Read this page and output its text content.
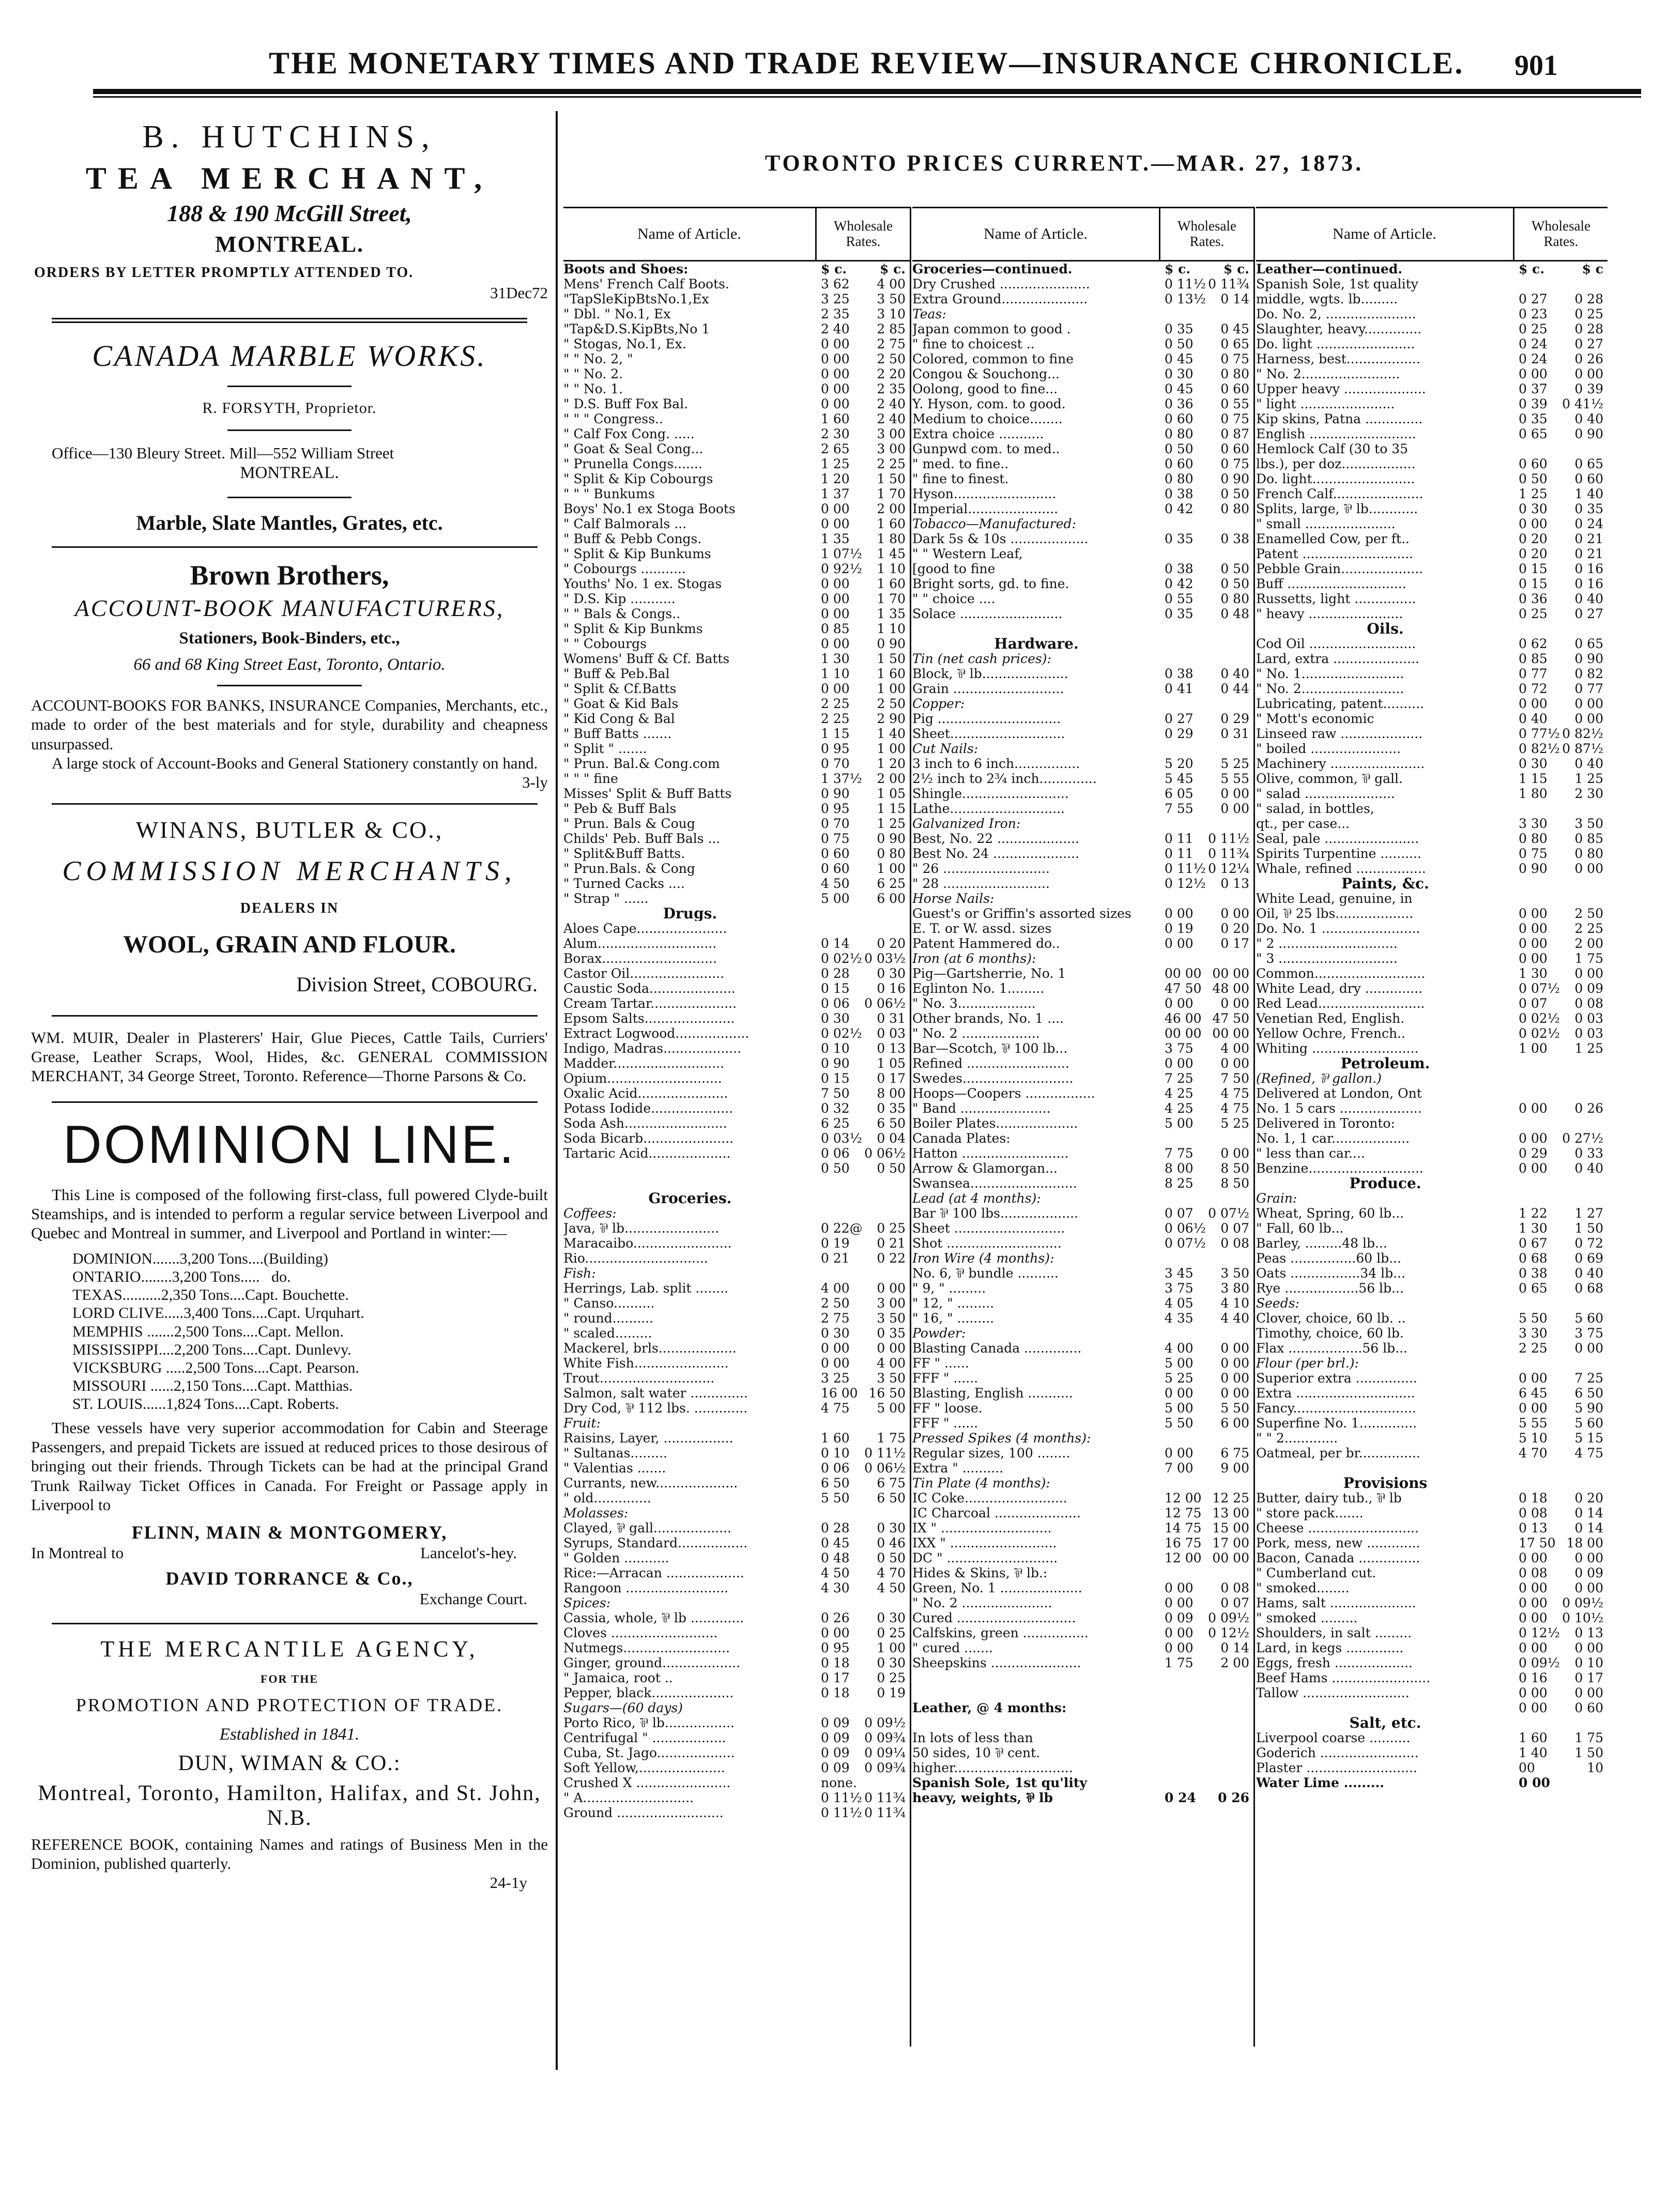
THE MONETARY TIMES AND TRADE REVIEW—INSURANCE CHRONICLE. 901

B. HUTCHINS,

TEA MERCHANT,

188 & 190 McGill Street,

MONTREAL.

ORDERS BY LETTER PROMPTLY ATTENDED TO.

31Dec72

CANADA MARBLE WORKS.

R. FORSYTH, Proprietor.

Office—130 Bleury Street. Mill—552 William Street

MONTREAL.

Marble, Slate Mantles, Grates, etc.

Brown Brothers,

ACCOUNT-BOOK MANUFACTURERS,

Stationers, Book-Binders, etc.,

66 and 68 King Street East, Toronto, Ontario.

ACCOUNT-BOOKS FOR BANKS, INSURANCE Companies, Merchants, etc., made to order of the best materials and for style, durability and cheapness unsurpassed.

A large stock of Account-Books and General Stationery constantly on hand.

3-ly

WINANS, BUTLER & CO.,

COMMISSION MERCHANTS,

DEALERS IN

WOOL, GRAIN AND FLOUR.

Division Street, COBOURG.

WM. MUIR, Dealer in Plasterers' Hair, Glue Pieces, Cattle Tails, Curriers' Grease, Leather Scraps, Wool, Hides, &c. GENERAL COMMISSION MERCHANT, 34 George Street, Toronto. Reference—Thorne Parsons & Co.

DOMINION LINE.

This Line is composed of the following first-class, full powered Clyde-built Steamships, and is intended to perform a regular service between Liverpool and Quebec and Montreal in summer, and Liverpool and Portland in winter:—

DOMINION.......3,200 Tons....(Building)
ONTARIO........3,200 Tons.....   do.
TEXAS..........2,350 Tons....Capt. Bouchette.
LORD CLIVE.....3,400 Tons....Capt. Urquhart.
MEMPHIS .......2,500 Tons....Capt. Mellon.
MISSISSIPPI....2,200 Tons....Capt. Dunlevy.
VICKSBURG .....2,500 Tons....Capt. Pearson.
MISSOURI ......2,150 Tons....Capt. Matthias.
ST. LOUIS......1,824 Tons....Capt. Roberts.

These vessels have very superior accommodation for Cabin and Steerage Passengers, and prepaid Tickets are issued at reduced prices to those desirous of bringing out their friends. Through Tickets can be had at the principal Grand Trunk Railway Ticket Offices in Canada. For Freight or Passage apply in Liverpool to

FLINN, MAIN & MONTGOMERY,

In Montreal to	Lancelot's-hey.

DAVID TORRANCE & Co.,

Exchange Court.

THE MERCANTILE AGENCY,

FOR THE

PROMOTION AND PROTECTION OF TRADE.

Established in 1841.

DUN, WIMAN & CO.:

Montreal, Toronto, Hamilton, Halifax, and St. John, N.B.

REFERENCE BOOK, containing Names and ratings of Business Men in the Dominion, published quarterly.

24-1y

TORONTO PRICES CURRENT.—MAR. 27, 1873.
Name of Article.	Wholesale Rates.
Boots and Shoes:	$ c.	$ c.
Mens' French Calf Boots.	3 62 4 00
"TapSleKipBtsNo.1,Ex	3 25 3 50
" Dbl. " No.1, Ex	2 35 3 10
"Tap&D.S.KipBts,No 1	2 40 2 85
" Stogas, No.1, Ex.	0 00 2 75
" " No. 2, "	0 00 2 50
" " No. 2.	0 00 2 20
" " No. 1.	0 00 2 35
" D.S. Buff Fox Bal.	0 00 2 40
" " " Congress..	1 60 2 40
" Calf Fox Cong. .....	2 30 3 00
" Goat & Seal Cong...	2 65 3 00
" Prunella Congs.......	1 25 2 25
" Split & Kip Cobourgs	1 20 1 50
" " " Bunkums	1 37 1 70
Boys' No.1 ex Stoga Boots	0 00 2 00
" Calf Balmorals ...	0 00 1 60
" Buff & Pebb Congs.	1 35 1 80
" Split & Kip Bunkums	1 07½ 1 45
" Cobourgs ...........	0 92½ 1 10
Youths' No. 1 ex. Stogas	0 00 1 60
" D.S. Kip ...........	0 00 1 70
" " Bals & Congs..	0 00 1 35
" Split & Kip Bunkms	0 85 1 10
" " Cobourgs	0 00 0 90
Womens' Buff & Cf. Batts	1 30 1 50
" Buff & Peb.Bal	1 10 1 60
" Split & Cf.Batts	0 00 1 00
" Goat & Kid Bals	2 25 2 50
" Kid Cong & Bal	2 25 2 90
" Buff Batts .......	1 15 1 40
" Split " .......	0 95 1 00
" Prun. Bal.& Cong.com	0 70 1 20
" " " fine	1 37½ 2 00
Misses' Split & Buff Batts	0 90 1 05
" Peb & Buff Bals	0 95 1 15
" Prun. Bals & Coug	0 70 1 25
Childs' Peb. Buff Bals ...	0 75 0 90
" Split&Buff Batts.	0 60 0 80
" Prun.Bals. & Cong	0 60 1 00
" Turned Cacks ....	4 50 6 25
" Strap " ......	5 00 6 00
Drugs.
Aloes Cape......................
Alum.............................	0 14 0 20
Borax............................	0 02½ 0 03½
Castor Oil.......................	0 28 0 30
Caustic Soda.....................	0 15 0 16
Cream Tartar.....................	0 06 0 06½
Epsom Salts......................	0 30 0 31
Extract Logwood..................	0 02½ 0 03
Indigo, Madras...................	0 10 0 13
Madder...........................	0 90 1 05
Opium............................	0 15 0 17
Oxalic Acid......................	7 50 8 00
Potass Iodide....................	0 32 0 35
Soda Ash.........................	6 25 6 50
Soda Bicarb......................	0 03½ 0 04
Tartaric Acid....................	0 06 0 06½
0 50 0 50
Groceries.
Coffees:
Java, ⅌ lb.......................	0 22@ 0 25
Maracaibo........................	0 19 0 21
Rio..............................	0 21 0 22
Fish:
Herrings, Lab. split ........	4 00 0 00
" Canso..........	2 50 3 00
" round..........	2 75 3 50
" scaled.........	0 30 0 35
Mackerel, brls...................	0 00 0 00
White Fish.......................	0 00 4 00
Trout............................	3 25 3 50
Salmon, salt water ..............	16 00 16 50
Dry Cod, ⅌ 112 lbs. .............	4 75 5 00
Fruit:
Raisins, Layer, .................	1 60 1 75
" Sultanas.........	0 10 0 11½
" Valentias .......	0 06 0 06½
Currants, new....................	6 50 6 75
" old..............	5 50 6 50
Molasses:
Clayed, ⅌ gall...................	0 28 0 30
Syrups, Standard.................	0 45 0 46
" Golden ...........	0 48 0 50
Rice:—Arracan ...................	4 50 4 70
Rangoon .........................	4 30 4 50
Spices:
Cassia, whole, ⅌ lb .............	0 26 0 30
Cloves ..........................	0 00 0 25
Nutmegs..........................	0 95 1 00
Ginger, ground...................	0 18 0 30
" Jamaica, root ..	0 17 0 25
Pepper, black....................	0 18 0 19
Sugars—(60 days)
Porto Rico, ⅌ lb.................	0 09 0 09½
Centrifugal " ..................	0 09 0 09¾
Cuba, St. Jago...................	0 09 0 09¼
Soft Yellow,.....................	0 09 0 09¾
Crushed X .......................	none.
" A...........................	0 11½ 0 11¾
Ground ..........................	0 11½ 0 11¾
Name of Article.	Wholesale Rates.
Groceries—continued.	$ c.	$ c.
Dry Crushed ......................	0 11½ 0 11¾
Extra Ground.....................	0 13½ 0 14
Teas:
Japan common to good .	0 35 0 45
" fine to choicest ..	0 50 0 65
Colored, common to fine	0 45 0 75
Congou & Souchong...	0 30 0 80
Oolong, good to fine...	0 45 0 60
Y. Hyson, com. to good.	0 36 0 55
Medium to choice........	0 60 0 75
Extra choice ...........	0 80 0 87
Gunpwd com. to med..	0 50 0 60
" med. to fine..	0 60 0 75
" fine to finest.	0 80 0 90
Hyson.........................	0 38 0 50
Imperial......................	0 42 0 80
Tobacco—Manufactured:
Dark 5s & 10s ...................	0 35 0 38
" " Western Leaf,
[good to fine	0 38 0 50
Bright sorts, gd. to fine.	0 42 0 50
" " choice ....	0 55 0 80
Solace .........................	0 35 0 48
Hardware.
Tin (net cash prices):
Block, ⅌ lb.....................	0 38 0 40
Grain ...........................	0 41 0 44
Copper:
Pig ..............................	0 27 0 29
Sheet............................	0 29 0 31
Cut Nails:
3 inch to 6 inch................	5 20 5 25
2½ inch to 2¾ inch..............	5 45 5 55
Shingle..........................	6 05 0 00
Lathe............................	7 55 0 00
Galvanized Iron:
Best, No. 22 ....................	0 11 0 11½
Best No. 24 .....................	0 11 0 11¾
" 26 ..........................	0 11½ 0 12¼
" 28 ..........................	0 12½ 0 13
Horse Nails:
Guest's or Griffin's assorted sizes	0 00 0 00
E. T. or W. assd. sizes	0 19 0 20
Patent Hammered do..	0 00 0 17
Iron (at 6 months):
Pig—Gartsherrie, No. 1	00 00 00 00
Eglinton No. 1.........	47 50 48 00
" No. 3...................	0 00 0 00
Other brands, No. 1 ....	46 00 47 50
" No. 2 ...................	00 00 00 00
Bar—Scotch, ⅌ 100 lb...	3 75 4 00
Refined .........................	0 00 0 00
Swedes...........................	7 25 7 50
Hoops—Coopers .................	4 25 4 75
" Band ......................	4 25 4 75
Boiler Plates....................	5 00 5 25
Canada Plates:
Hatton ..........................	7 75 0 00
Arrow & Glamorgan...	8 00 8 50
Swansea..........................	8 25 8 50
Lead (at 4 months):
Bar ⅌ 100 lbs...................	0 07 0 07½
Sheet ...........................	0 06½ 0 07
Shot ............................	0 07½ 0 08
Iron Wire (4 months):
No. 6, ⅌ bundle ..........	3 45 3 50
" 9, " .........	3 75 3 80
" 12, " .........	4 05 4 10
" 16, " .........	4 35 4 40
Powder:
Blasting Canada ..............	4 00 0 00
FF " ......	5 00 0 00
FFF " ......	5 25 0 00
Blasting, English ...........	0 00 0 00
FF " loose.	5 00 5 50
FFF " ......	5 50 6 00
Pressed Spikes (4 months):
Regular sizes, 100 ........	0 00 6 75
Extra " ..........	7 00 9 00
Tin Plate (4 months):
IC Coke.........................	12 00 12 25
IC Charcoal .....................	12 75 13 00
IX " ...........................	14 75 15 00
IXX " ..........................	16 75 17 00
DC " ...........................	12 00 00 00
Hides & Skins, ⅌ lb.:
Green, No. 1 ....................	0 00 0 08
" No. 2 ......................	0 00 0 07
Cured .............................	0 09 0 09½
Calfskins, green ................	0 00 0 12½
" cured .......	0 00 0 14
Sheepskins ......................	1 75 2 00
Leather, @ 4 months:
In lots of less than
50 sides, 10 ⅌ cent.
higher.............................
Spanish Sole, 1st qu'lity
heavy, weights, ⅌ lb	0 24 0 26
Name of Article.	Wholesale Rates.
Leather—continued.	$ c.	$ c
Spanish Sole, 1st quality
middle, wgts. lb.........	0 27 0 28
Do. No. 2, ......................	0 23 0 25
Slaughter, heavy..............	0 25 0 28
Do. light ........................	0 24 0 27
Harness, best..................	0 24 0 26
" No. 2........................	0 00 0 00
Upper heavy ....................	0 37 0 39
" light .......................	0 39 0 41½
Kip skins, Patna ..............	0 35 0 40
English ..........................	0 65 0 90
Hemlock Calf (30 to 35
lbs.), per doz..................	0 60 0 65
Do. light.........................	0 50 0 60
French Calf......................	1 25 1 40
Splits, large, ⅌ lb............	0 30 0 35
" small ......................	0 00 0 24
Enamelled Cow, per ft..	0 20 0 21
Patent ...........................	0 20 0 21
Pebble Grain....................	0 15 0 16
Buff .............................	0 15 0 16
Russetts, light ...............	0 36 0 40
" heavy .......................	0 25 0 27
Oils.
Cod Oil ..........................	0 62 0 65
Lard, extra .....................	0 85 0 90
" No. 1.........................	0 77 0 82
" No. 2.........................	0 72 0 77
Lubricating, patent..........	0 00 0 00
" Mott's economic	0 40 0 00
Linseed raw ....................	0 77½ 0 82½
" boiled ......................	0 82½ 0 87½
Machinery .......................	0 30 0 40
Olive, common, ⅌ gall.	1 15 1 25
" salad ......................	1 80 2 30
" salad, in bottles,
qt., per case...	3 30 3 50
Seal, pale .......................	0 80 0 85
Spirits Turpentine ..........	0 75 0 80
Whale, refined .................	0 90 0 00
Paints, &c.
White Lead, genuine, in
Oil, ⅌ 25 lbs...................	0 00 2 50
Do. No. 1 ........................	0 00 2 25
" 2 .............................	0 00 2 00
" 3 .............................	0 00 1 75
Common...........................	1 30 0 00
White Lead, dry ..............	0 07½ 0 09
Red Lead..........................	0 07 0 08
Venetian Red, English.	0 02½ 0 03
Yellow Ochre, French..	0 02½ 0 03
Whiting ..........................	1 00 1 25
Petroleum.
(Refined, ⅌ gallon.)
Delivered at London, Ont
No. 1 5 cars ....................	0 00 0 26
Delivered in Toronto:
No. 1, 1 car...................	0 00 0 27½
" less than car....	0 29 0 33
Benzine............................	0 00 0 40
Produce.
Grain:
Wheat, Spring, 60 lb...	1 22 1 27
" Fall, 60 lb...	1 30 1 50
Barley, .........48 lb...	0 67 0 72
Peas ................60 lb...	0 68 0 69
Oats .................34 lb...	0 38 0 40
Rye ..................56 lb...	0 65 0 68
Seeds:
Clover, choice, 60 lb. ..	5 50 5 60
Timothy, choice, 60 lb.	3 30 3 75
Flax ..................56 lb...	2 25 0 00
Flour (per brl.):
Superior extra ...............	0 00 7 25
Extra .............................	6 45 6 50
Fancy..............................	0 00 5 90
Superfine No. 1..............	5 55 5 60
" " 2.............	5 10 5 15
Oatmeal, per br...............	4 70 4 75
Provisions
Butter, dairy tub., ⅌ lb	0 18 0 20
" store pack.......	0 08 0 14
Cheese ...........................	0 13 0 14
Pork, mess, new .............	17 50 18 00
Bacon, Canada ...............	0 00 0 00
" Cumberland cut.	0 08 0 09
" smoked........	0 00 0 00
Hams, salt .....................	0 00 0 09½
" smoked .........	0 00 0 10½
Shoulders, in salt .........	0 12½ 0 13
Lard, in kegs ..............	0 00 0 00
Eggs, fresh ...................	0 09½ 0 10
Beef Hams ........................	0 16 0 17
Tallow ..........................	0 00 0 00
0 00 0 60
Salt, etc.
Liverpool coarse ..........	1 60 1 75
Goderich ........................	1 40 1 50
Plaster ...........................	00	10
Water Lime .........	0 00
